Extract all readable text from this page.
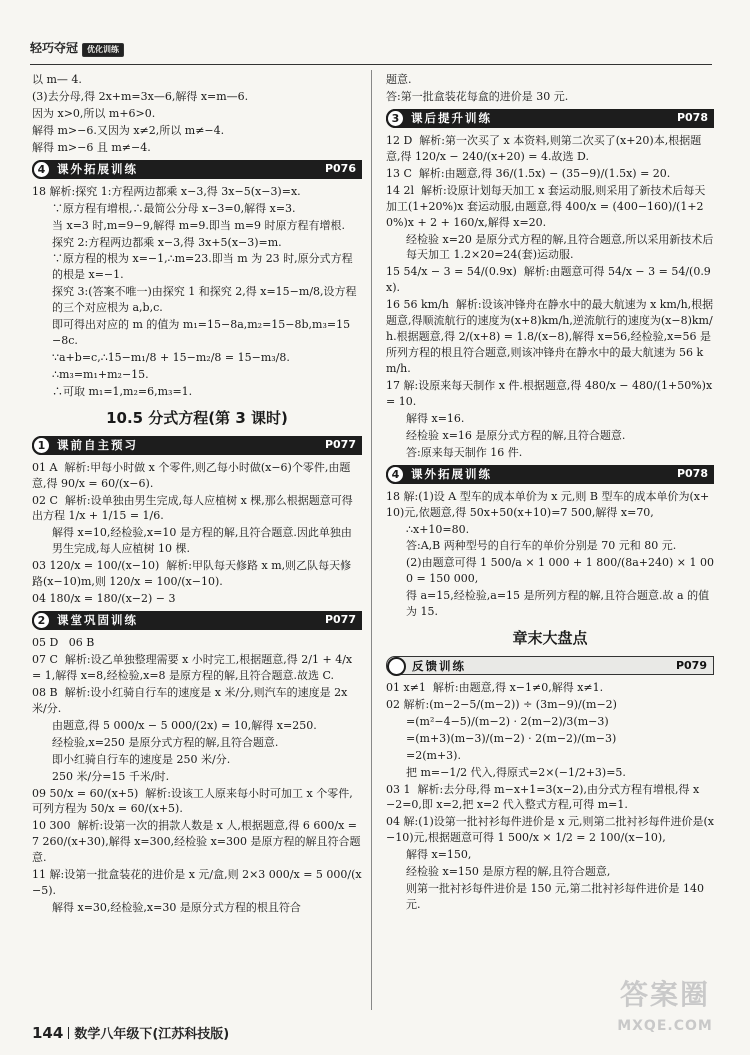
轻巧夺冠 优化训练
以 m— 4.
(3)去分母,得 2x+m=3x—6,解得 x=m—6.
因为 x>0,所以 m+6>0.
解得 m>−6.又因为 x≠2,所以 m≠−4.
解得 m>−6 且 m≠−4.
4	课外拓展训练	P076
18 解析:探究 1:方程两边都乘 x−3,得 3x−5(x−3)=x.
∵原方程有增根,∴最简公分母 x−3=0,解得 x=3.
当 x=3 时,m=9−9,解得 m=9.即当 m=9 时原方程有增根.
探究 2:方程两边都乘 x−3,得 3x+5(x−3)=m.
∵原方程的根为 x=−1,∴m=23.即当 m 为 23 时,原分式方程的根是 x=−1.
探究 3:(答案不唯一)由探究 1 和探究 2,得 x=15−m/8,设方程的三个对应根为 a,b,c.
即可得出对应的 m 的值为 m₁=15−8a,m₂=15−8b,m₃=15−8c.
∵a+b=c,∴15−m₁/8 + 15−m₂/8 = 15−m₃/8.
∴m₃=m₁+m₂−15.
∴可取 m₁=1,m₂=6,m₃=1.
10.5 分式方程(第 3 课时)
1	课前自主预习	P077
01 A  解析:甲每小时做 x 个零件,则乙每小时做(x−6)个零件,由题意,得 90/x = 60/(x−6).
02 C  解析:设单独由男生完成,每人应植树 x 棵,那么根据题意可得出方程 1/x + 1/15 = 1/6.
解得 x=10,经检验,x=10 是方程的解,且符合题意.因此单独由男生完成,每人应植树 10 棵.
03 120/x = 100/(x−10)  解析:甲队每天修路 x m,则乙队每天修路(x−10)m,则 120/x = 100/(x−10).
04 180/x = 180/(x−2) − 3
2	课堂巩固训练	P077
05 D   06 B
07 C  解析:设乙单独整理需要 x 小时完工,根据题意,得 2/1 + 4/x = 1,解得 x=8,经检验,x=8 是原方程的解,且符合题意.故选 C.
08 B  解析:设小红骑自行车的速度是 x 米/分,则汽车的速度是 2x 米/分.
由题意,得 5 000/x − 5 000/(2x) = 10,解得 x=250.
经检验,x=250 是原分式方程的解,且符合题意.
即小红骑自行车的速度是 250 米/分.
250 米/分=15 千米/时.
09 50/x = 60/(x+5)  解析:设该工人原来每小时可加工 x 个零件,可列方程为 50/x = 60/(x+5).
10 300  解析:设第一次的捐款人数是 x 人,根据题意,得 6 600/x = 7 260/(x+30),解得 x=300,经检验 x=300 是原方程的解且符合题意.
11 解:设第一批盒装花的进价是 x 元/盒,则 2×3 000/x = 5 000/(x−5).
解得 x=30,经检验,x=30 是原分式方程的根且符合
题意.
答:第一批盒装花每盒的进价是 30 元.
3	课后提升训练	P078
12 D  解析:第一次买了 x 本资料,则第二次买了(x+20)本,根据题意,得 120/x − 240/(x+20) = 4.故选 D.
13 C  解析:由题意,得 36/(1.5x) − (35−9)/(1.5x) = 20.
14 2l  解析:设原计划每天加工 x 套运动服,则采用了新技术后每天加工(1+20%)x 套运动服,由题意,得 400/x = (400−160)/(1+20%)x + 2 + 160/x,解得 x=20.
经检验 x=20 是原分式方程的解,且符合题意,所以采用新技术后每天加工 1.2×20=24(套)运动服.
15 54/x − 3 = 54/(0.9x)  解析:由题意可得 54/x − 3 = 54/(0.9x).
16 56 km/h  解析:设该冲锋舟在静水中的最大航速为 x km/h,根据题意,得顺流航行的速度为(x+8)km/h,逆流航行的速度为(x−8)km/h.根据题意,得 2/(x+8) = 1.8/(x−8),解得 x=56,经检验,x=56 是所列方程的根且符合题意,则该冲锋舟在静水中的最大航速为 56 km/h.
17 解:设原来每天制作 x 件.根据题意,得 480/x − 480/(1+50%)x = 10.
解得 x=16.
经检验 x=16 是原分式方程的解,且符合题意.
答:原来每天制作 16 件.
4	课外拓展训练	P078
18 解:(1)设 A 型车的成本单价为 x 元,则 B 型车的成本单价为(x+10)元,依题意,得 50x+50(x+10)=7 500,解得 x=70,
∴x+10=80.
答:A,B 两种型号的自行车的单价分别是 70 元和 80 元.
(2)由题意可得 1 500/a × 1 000 + 1 800/(8a+240) × 1 000 = 150 000,
得 a=15,经检验,a=15 是所列方程的解,且符合题意.故 a 的值为 15.
章末大盘点
反馈训练	P079
01 x≠1  解析:由题意,得 x−1≠0,解得 x≠1.
02 解析:(m−2−5/(m−2)) ÷ (3m−9)/(m−2)
=(m²−4−5)/(m−2) · 2(m−2)/3(m−3)
=(m+3)(m−3)/(m−2) · 2(m−2)/(m−3)
=2(m+3).
把 m=−1/2 代入,得原式=2×(−1/2+3)=5.
03 1  解析:去分母,得 m−x+1=3(x−2),由分式方程有增根,得 x−2=0,即 x=2,把 x=2 代入整式方程,可得 m=1.
04 解:(1)设第一批衬衫每件进价是 x 元,则第二批衬衫每件进价是(x−10)元,根据题意可得 1 500/x × 1/2 = 2 100/(x−10),
解得 x=150,
经检验 x=150 是原方程的解,且符合题意,
则第一批衬衫每件进价是 150 元,第二批衬衫每件进价是 140 元.
144 数学八年级下(江苏科技版)
答案圈
MXQE.COM
